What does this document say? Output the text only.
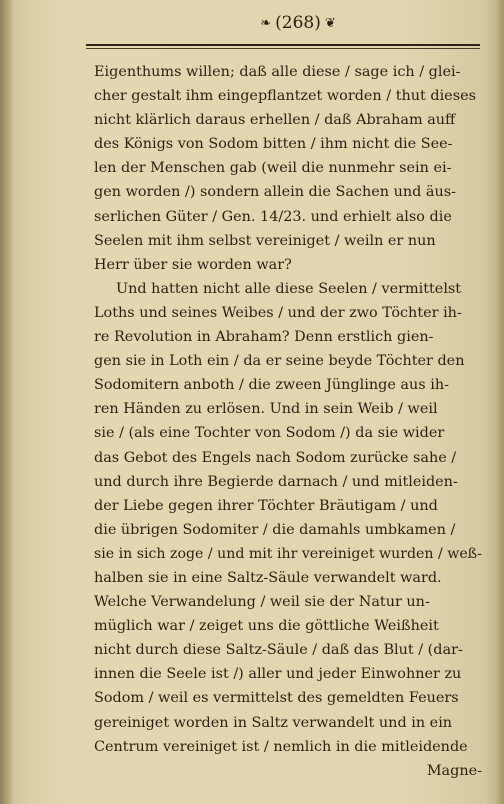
❧ (268) ❦
Eigenthums willen; daß alle diese / sage ich / glei-
cher gestalt ihm eingepflantzet worden / thut dieses
nicht klärlich daraus erhellen / daß Abraham auff
des Königs von Sodom bitten / ihm nicht die See-
len der Menschen gab (weil die nunmehr sein ei-
gen worden /) sondern allein die Sachen und äus-
serlichen Güter / Gen. 14/23. und erhielt also die
Seelen mit ihm selbst vereiniget / weiln er nun
Herr über sie worden war?
Und hatten nicht alle diese Seelen / vermittelst
Loths und seines Weibes / und der zwo Töchter ih-
re Revolution in Abraham? Denn erstlich gien-
gen sie in Loth ein / da er seine beyde Töchter den
Sodomitern anboth / die zween Jünglinge aus ih-
ren Händen zu erlösen. Und in sein Weib / weil
sie / (als eine Tochter von Sodom /) da sie wider
das Gebot des Engels nach Sodom zurücke sahe /
und durch ihre Begierde darnach / und mitleiden-
der Liebe gegen ihrer Töchter Bräutigam / und
die übrigen Sodomiter / die damahls umbkamen /
sie in sich zoge / und mit ihr vereiniget wurden / weß-
halben sie in eine Saltz-Säule verwandelt ward.
Welche Verwandelung / weil sie der Natur un-
müglich war / zeiget uns die göttliche Weißheit
nicht durch diese Saltz-Säule / daß das Blut / (dar-
innen die Seele ist /) aller und jeder Einwohner zu
Sodom / weil es vermittelst des gemeldten Feuers
gereiniget worden in Saltz verwandelt und in ein
Centrum vereiniget ist / nemlich in die mitleidende
Magne-
